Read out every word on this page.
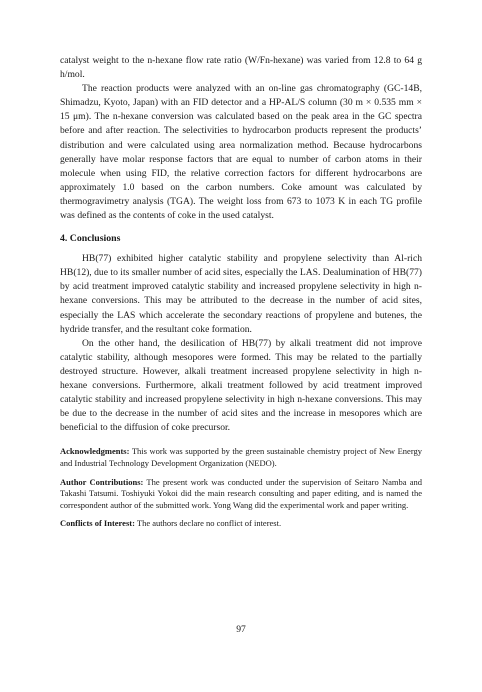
catalyst weight to the n-hexane flow rate ratio (W/Fn-hexane) was varied from 12.8 to 64 g h/mol.

The reaction products were analyzed with an on-line gas chromatography (GC-14B, Shimadzu, Kyoto, Japan) with an FID detector and a HP-AL/S column (30 m × 0.535 mm × 15 μm). The n-hexane conversion was calculated based on the peak area in the GC spectra before and after reaction. The selectivities to hydrocarbon products represent the products’ distribution and were calculated using area normalization method. Because hydrocarbons generally have molar response factors that are equal to number of carbon atoms in their molecule when using FID, the relative correction factors for different hydrocarbons are approximately 1.0 based on the carbon numbers. Coke amount was calculated by thermogravimetry analysis (TGA). The weight loss from 673 to 1073 K in each TG profile was defined as the contents of coke in the used catalyst.

4. Conclusions

HB(77) exhibited higher catalytic stability and propylene selectivity than Al-rich HB(12), due to its smaller number of acid sites, especially the LAS. Dealumination of HB(77) by acid treatment improved catalytic stability and increased propylene selectivity in high n-hexane conversions. This may be attributed to the decrease in the number of acid sites, especially the LAS which accelerate the secondary reactions of propylene and butenes, the hydride transfer, and the resultant coke formation.

On the other hand, the desilication of HB(77) by alkali treatment did not improve catalytic stability, although mesopores were formed. This may be related to the partially destroyed structure. However, alkali treatment increased propylene selectivity in high n-hexane conversions. Furthermore, alkali treatment followed by acid treatment improved catalytic stability and increased propylene selectivity in high n-hexane conversions. This may be due to the decrease in the number of acid sites and the increase in mesopores which are beneficial to the diffusion of coke precursor.

Acknowledgments: This work was supported by the green sustainable chemistry project of New Energy and Industrial Technology Development Organization (NEDO).

Author Contributions: The present work was conducted under the supervision of Seitaro Namba and Takashi Tatsumi. Toshiyuki Yokoi did the main research consulting and paper editing, and is named the correspondent author of the submitted work. Yong Wang did the experimental work and paper writing.

Conflicts of Interest: The authors declare no conflict of interest.

97
